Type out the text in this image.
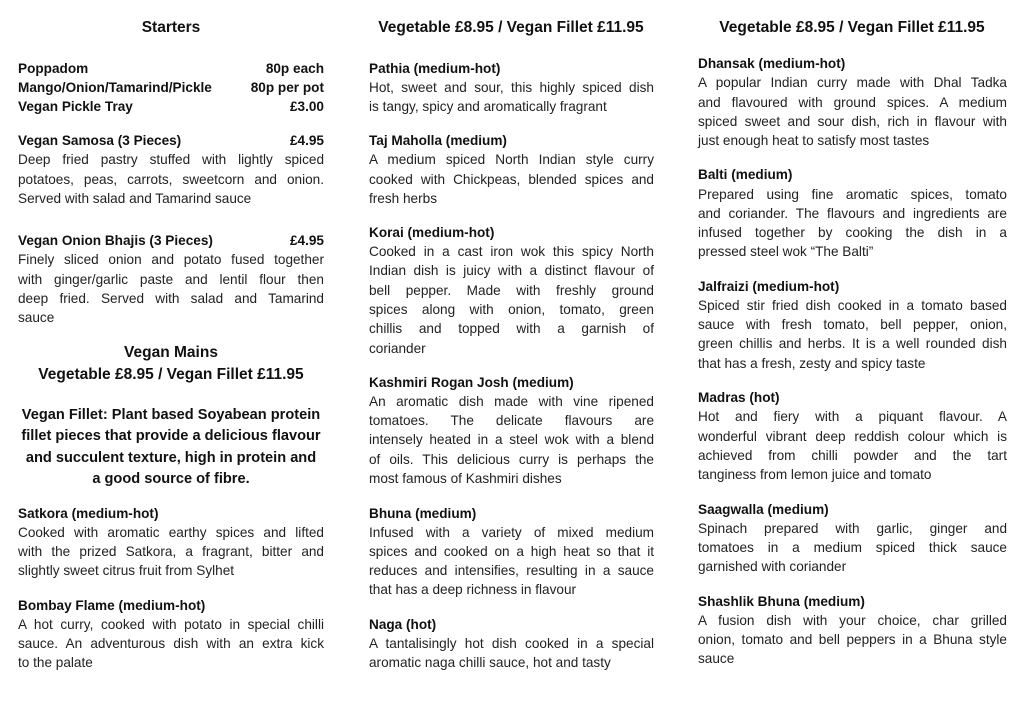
Starters
Poppadom	80p each
Mango/Onion/Tamarind/Pickle	80p per pot
Vegan Pickle Tray	£3.00
Vegan Samosa (3 Pieces)	£4.95
Deep fried pastry stuffed with lightly spiced
potatoes, peas, carrots, sweetcorn and onion.
Served with salad and Tamarind sauce
Vegan Onion Bhajis (3 Pieces)	£4.95
Finely sliced onion and potato fused together
with ginger/garlic paste and lentil flour then
deep fried. Served with salad and Tamarind
sauce
Vegan Mains
Vegetable £8.95 / Vegan Fillet £11.95
Vegan Fillet: Plant based Soyabean protein
fillet pieces that provide a delicious flavour
and succulent texture, high in protein and
a good source of fibre.
Satkora (medium-hot)
Cooked with aromatic earthy spices and lifted
with the prized Satkora, a fragrant, bitter and
slightly sweet citrus fruit from Sylhet
Bombay Flame (medium-hot)
A hot curry, cooked with potato in special chilli
sauce. An adventurous dish with an extra kick
to the palate
Vegetable £8.95 / Vegan Fillet £11.95
Pathia (medium-hot)
Hot, sweet and sour, this highly spiced dish
is tangy, spicy and aromatically fragrant
Taj Maholla (medium)
A medium spiced North Indian style curry
cooked with Chickpeas, blended spices and
fresh herbs
Korai (medium-hot)
Cooked in a cast iron wok this spicy North
Indian dish is juicy with a distinct flavour of
bell pepper. Made with freshly ground
spices along with onion, tomato, green
chillis and topped with a garnish of
coriander
Kashmiri Rogan Josh (medium)
An aromatic dish made with vine ripened
tomatoes. The delicate flavours are
intensely heated in a steel wok with a blend
of oils. This delicious curry is perhaps the
most famous of Kashmiri dishes
Bhuna (medium)
Infused with a variety of mixed medium
spices and cooked on a high heat so that it
reduces and intensifies, resulting in a sauce
that has a deep richness in flavour
Naga (hot)
A tantalisingly hot dish cooked in a special
aromatic naga chilli sauce, hot and tasty
Vegetable £8.95 / Vegan Fillet £11.95
Dhansak (medium-hot)
A popular Indian curry made with Dhal Tadka
and flavoured with ground spices. A medium
spiced sweet and sour dish, rich in flavour with
just enough heat to satisfy most tastes
Balti (medium)
Prepared using fine aromatic spices, tomato
and coriander. The flavours and ingredients are
infused together by cooking the dish in a
pressed steel wok “The Balti”
Jalfraizi (medium-hot)
Spiced stir fried dish cooked in a tomato based
sauce with fresh tomato, bell pepper, onion,
green chillis and herbs. It is a well rounded dish
that has a fresh, zesty and spicy taste
Madras (hot)
Hot and fiery with a piquant flavour. A
wonderful vibrant deep reddish colour which is
achieved from chilli powder and the tart
tanginess from lemon juice and tomato
Saagwalla (medium)
Spinach prepared with garlic, ginger and
tomatoes in a medium spiced thick sauce
garnished with coriander
Shashlik Bhuna (medium)
A fusion dish with your choice, char grilled
onion, tomato and bell peppers in a Bhuna style
sauce
